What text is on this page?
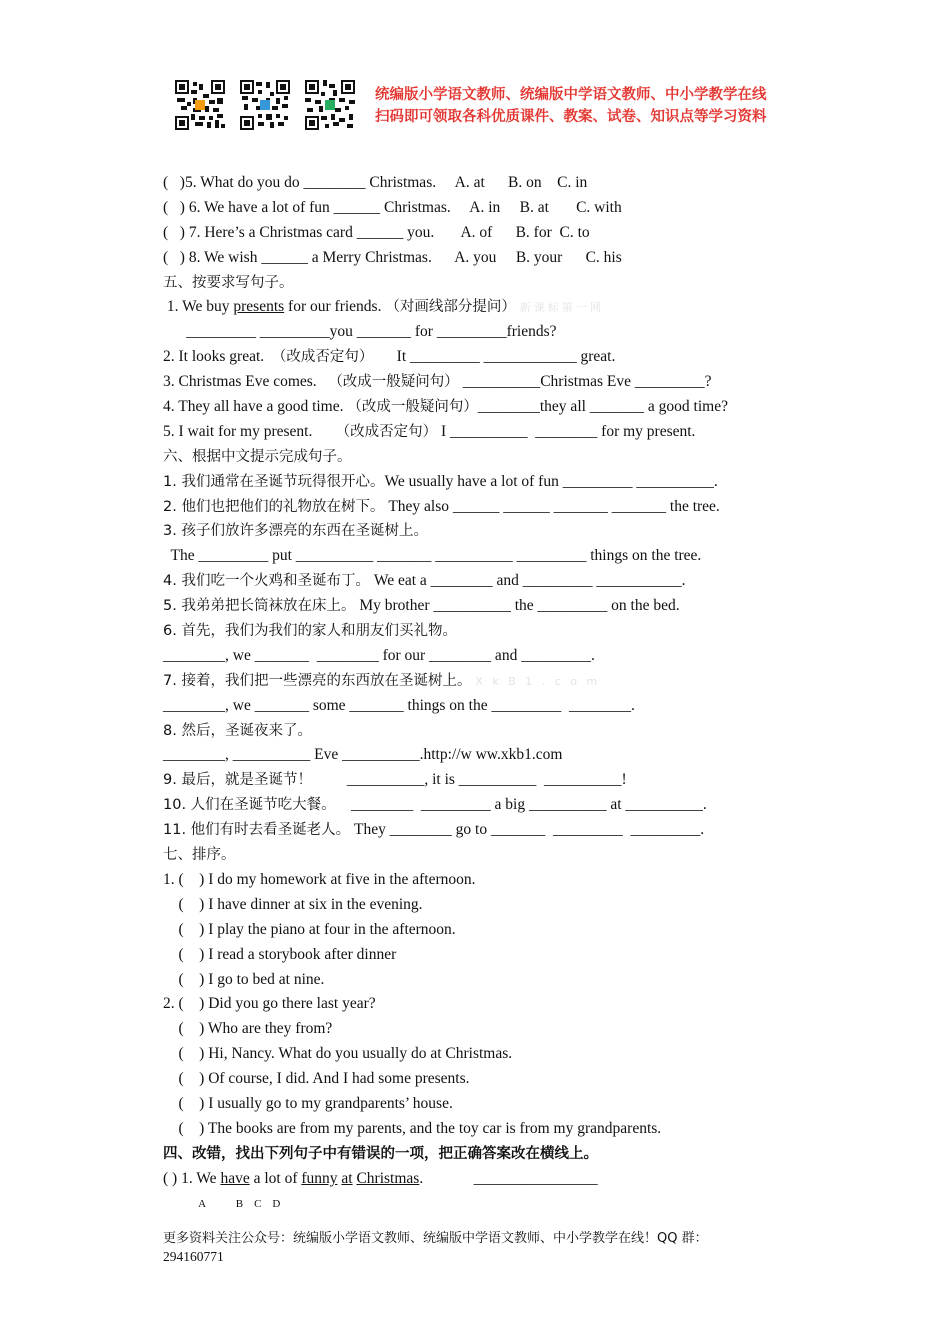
统编版小学语文教师、统编版中学语文教师、中小学教学在线
扫码即可领取各科优质课件、教案、试卷、知识点等学习资料
(   )5. What do you do ________ Christmas. A. at B. on C. in
(   ) 6. We have a lot of fun ______ Christmas. A. in B. at C. with
(   ) 7. Here’s a Christmas card ______ you. A. of B. for C. to
(   ) 8. We wish ______ a Merry Christmas. A. you B. your C. his
五、按要求写句子。
1. We buy presents for our friends. （对画线部分提问） 新课标第一网
_________ _________you _______ for _________friends?
2. It looks great.  （改成否定句）      It _________ ____________ great.
3. Christmas Eve comes.   （改成一般疑问句） __________Christmas Eve _________?
4. They all have a good time. （改成一般疑问句）________they all _______ a good time?
5. I wait for my present.      （改成否定句） I __________  ________ for my present.
六、根据中文提示完成句子。
1. 我们通常在圣诞节玩得很开心。We usually have a lot of fun _________ __________.
2. 他们也把他们的礼物放在树下。 They also ______ ______ _______ _______ the tree.
3. 孩子们放许多漂亮的东西在圣诞树上。
The _________ put __________ _______ __________ _________ things on the tree.
4. 我们吃一个火鸡和圣诞布丁。 We eat a ________ and _________ ___________.
5. 我弟弟把长筒袜放在床上。 My brother __________ the _________ on the bed.
6. 首先，我们为我们的家人和朋友们买礼物。
________, we _______  ________ for our ________ and _________.
7. 接着，我们把一些漂亮的东西放在圣诞树上。 X k B 1 . c o m
________, we _______ some _______ things on the _________  ________.
8. 然后，圣诞夜来了。
________, __________ Eve __________.http://w ww.xkb1.com
9. 最后，就是圣诞节！         __________, it is __________  __________!
10. 人们在圣诞节吃大餐。    ________  _________ a big __________ at __________.
11. 他们有时去看圣诞老人。 They ________ go to _______  _________  _________.
七、排序。
1. (    ) I do my homework at five in the afternoon.
(    ) I have dinner at six in the evening.
(    ) I play the piano at four in the afternoon.
(    ) I read a storybook after dinner
(    ) I go to bed at nine.
2. (    ) Did you go there last year?
(    ) Who are they from?
(    ) Hi, Nancy. What do you usually do at Christmas.
(    ) Of course, I did. And I had some presents.
(    ) I usually go to my grandparents’ house.
(    ) The books are from my parents, and the toy car is from my grandparents.
四、改错，找出下列句子中有错误的一项，把正确答案改在横线上。
( ) 1. We have a lot of funny at Christmas.             ________________
A           B    C    D
更多资料关注公众号：统编版小学语文教师、统编版中学语文教师、中小学教学在线！QQ 群：
294160771
